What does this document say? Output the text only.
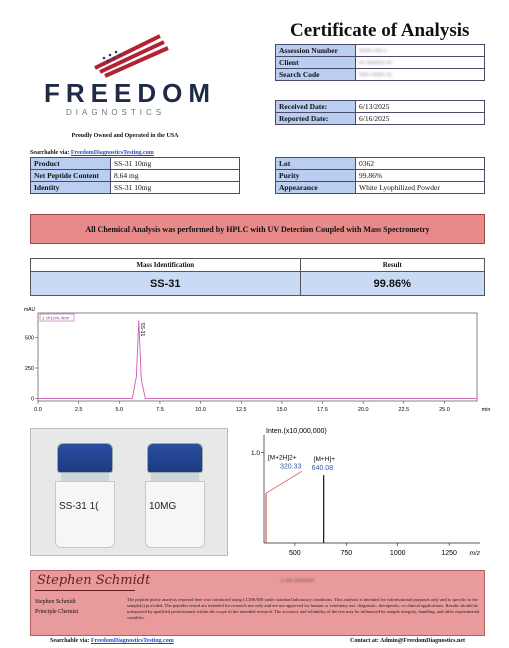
FREEDOM
DIAGNOSTICS
Proudly Owned and Operated in the USA
Searchable via: FreedomDiagnosticsTesting.com
Certificate of Analysis
Assession Number	••••• ••• •
Client	•• ••••••• ••
Search Code	•••• ••••• ••
Received Date:	6/13/2025
Reported Date:	6/16/2025
Product	SS-31 10mg
Net Peptide Content	8.64 mg
Identity	SS-31 10mg
Lot	0362
Purity	99.86%
Appearance	White Lyophilized Powder
All Chemical Analysis was performed by HPLC with UV Detection Coupled with Mass Spectrometry
Mass Identification	Result
SS-31	99.86%
0.0	2.5	5.0	7.5	10.0	12.5	15.0	17.5	20.0	22.5	25.0	min
0
250
500
mAU
1 ch1nm,4nm
SS-31
SS-31 1(	10MG
Inten.(x10,000,000)
1.0
500	750	1000	1250 m/z
[M+2H]2+
320.33
[M+H]+
640.08
Stephen Schmidt	• ••• ••••••••
Stephen Schmidt
Principle Chemist
The peptide purity analysis reported here was conducted using LCMS/MS under standard laboratory conditions. This analysis is intended for informational purposes only and is specific to the sample(s) provided. The peptides tested are intended for research use only and are not approved for human or veterinary use, diagnostic, therapeutic, or clinical applications. Results should be interpreted by qualified professionals within the scope of the intended research. The accuracy and reliability of the test may be influenced by sample integrity, handling, and other experimental variables.
Searchable via: FreedomDiagnosticsTesting.com	Contact at: Admin@FreedomDiagnostics.net
